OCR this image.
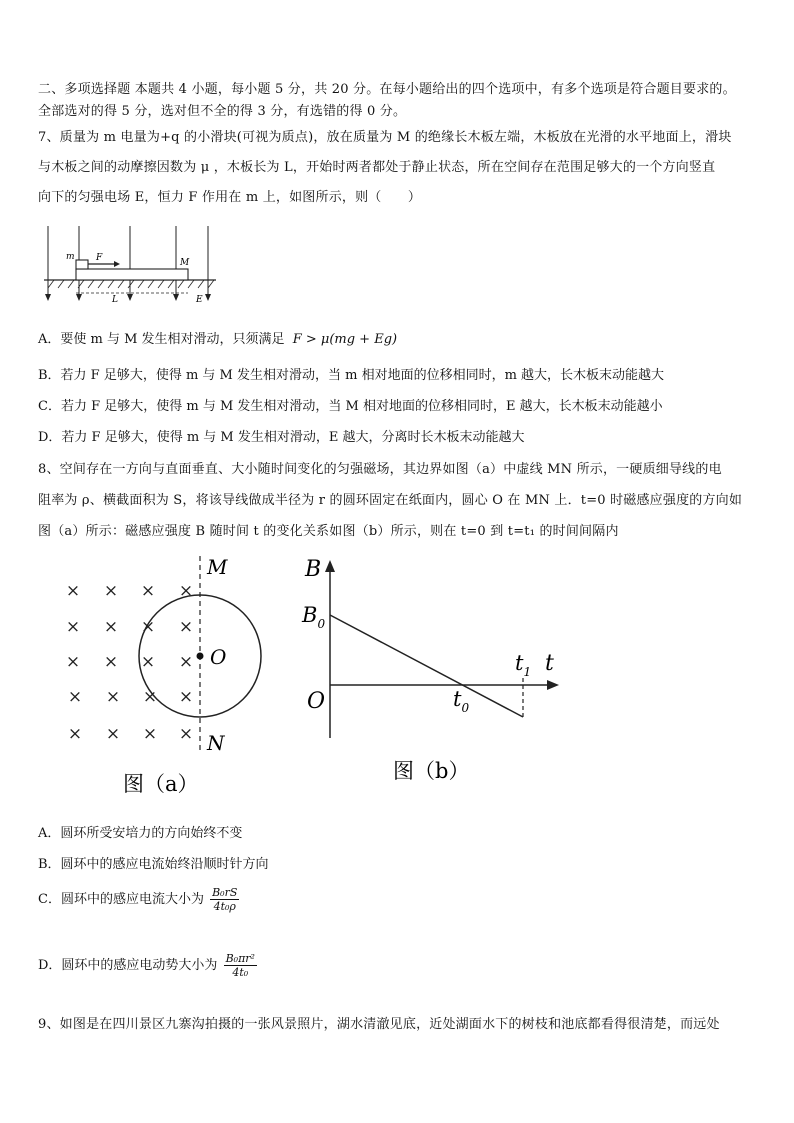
二、多项选择题 本题共 4 小题，每小题 5 分，共 20 分。在每小题给出的四个选项中，有多个选项是符合题目要求的。
全部选对的得 5 分，选对但不全的得 3 分，有选错的得 0 分。
7、质量为 m 电量为+q 的小滑块(可视为质点)，放在质量为 M 的绝缘长木板左端，木板放在光滑的水平地面上，滑块
与木板之间的动摩擦因数为 μ ，木板长为 L，开始时两者都处于静止状态，所在空间存在范围足够大的一个方向竖直
向下的匀强电场 E，恒力 F 作用在 m 上，如图所示，则（　　）
m F	M
L	E
A．要使 m 与 M 发生相对滑动，只须满足 F > μ(mg + Eg)
B．若力 F 足够大，使得 m 与 M 发生相对滑动，当 m 相对地面的位移相同时，m 越大，长木板末动能越大
C．若力 F 足够大，使得 m 与 M 发生相对滑动，当 M 相对地面的位移相同时，E 越大，长木板末动能越小
D．若力 F 足够大，使得 m 与 M 发生相对滑动，E 越大，分离时长木板末动能越大
8、空间存在一方向与直面垂直、大小随时间变化的匀强磁场，其边界如图（a）中虚线 MN 所示，一硬质细导线的电
阻率为 ρ、横截面积为 S，将该导线做成半径为 r 的圆环固定在纸面内，圆心 O 在 MN 上．t=0 时磁感应强度的方向如
图（a）所示：磁感应强度 B 随时间 t 的变化关系如图（b）所示，则在 t=0 到 t=t₁ 的时间间隔内
× × × ×
× × × ×
× × × ×
× × × ×
× × × ×
M
N
O
图（a）
B
$B_0$
O
t
$t_1$
$t_0$
图（b）
A．圆环所受安培力的方向始终不变
B．圆环中的感应电流始终沿顺时针方向
C．圆环中的感应电流大小为 $\frac{\text{B₀rS}}{\text{4t₀ρ}}$
D．圆环中的感应电动势大小为 $\frac{\text{B₀πr²}}{\text{4t₀}}$
9、如图是在四川景区九寨沟拍摄的一张风景照片，湖水清澈见底，近处湖面水下的树枝和池底都看得很清楚，而远处
